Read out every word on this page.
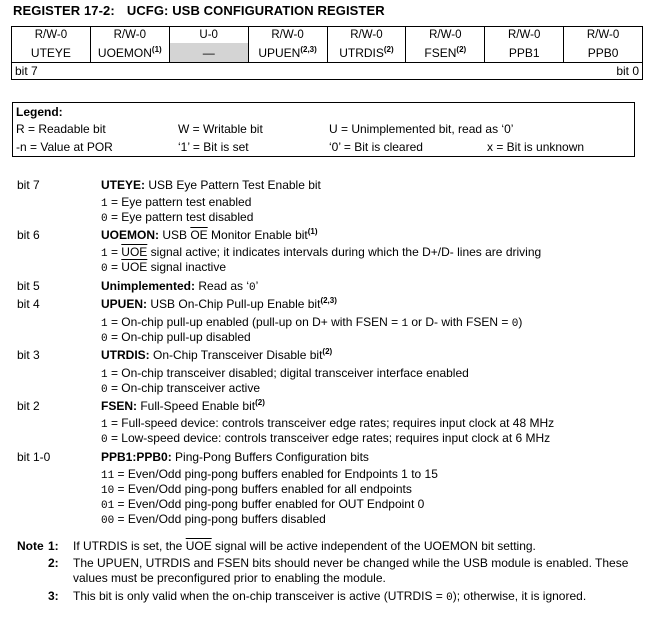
REGISTER 17-2: UCFG: USB CONFIGURATION REGISTER
R/W-0	R/W-0	U-0	R/W-0	R/W-0	R/W-0	R/W-0	R/W-0
UTEYE	UOEMON$^{(1)}$	—	UPUEN$^{(2,3)}$	UTRDIS$^{(2)}$	FSEN$^{(2)}$	PPB1	PPB0
bit 7 bit 0							
Legend:
R = Readable bit	W = Writable bit	U = Unimplemented bit, read as ‘0’
-n = Value at POR	‘1’ = Bit is set	‘0’ = Bit is cleared	x = Bit is unknown
bit 7	UTEYE: USB Eye Pattern Test Enable bit
1 = Eye pattern test enabled
0 = Eye pattern test disabled
bit 6	UOEMON: USB $\overline{OE}$ Monitor Enable bit$^{(1)}$
$1 = \overline{UOE}$ signal active; it indicates intervals during which the D+/D- lines are driving
$0 = \overline{UOE}$ signal inactive
bit 5	Unimplemented: Read as ‘0’
bit 4	UPUEN: USB On-Chip Pull-up Enable bit$^{(2,3)}$
1 = On-chip pull-up enabled (pull-up on D+ with FSEN = 1 or D- with FSEN = 0)
0 = On-chip pull-up disabled
bit 3	UTRDIS: On-Chip Transceiver Disable bit$^{(2)}$
1 = On-chip transceiver disabled; digital transceiver interface enabled
0 = On-chip transceiver active
bit 2	FSEN: Full-Speed Enable bit$^{(2)}$
1 = Full-speed device: controls transceiver edge rates; requires input clock at 48 MHz
0 = Low-speed device: controls transceiver edge rates; requires input clock at 6 MHz
bit 1-0	PPB1:PPB0: Ping-Pong Buffers Configuration bits
11 = Even/Odd ping-pong buffers enabled for Endpoints 1 to 15
10 = Even/Odd ping-pong buffers enabled for all endpoints
01 = Even/Odd ping-pong buffer enabled for OUT Endpoint 0
00 = Even/Odd ping-pong buffers disabled
Note 1: If UTRDIS is set, the $\overline{UOE}$ signal will be active independent of the UOEMON bit setting.
2: The UPUEN, UTRDIS and FSEN bits should never be changed while the USB module is enabled. These
values must be preconfigured prior to enabling the module.
3: This bit is only valid when the on-chip transceiver is active (UTRDIS = 0); otherwise, it is ignored.
